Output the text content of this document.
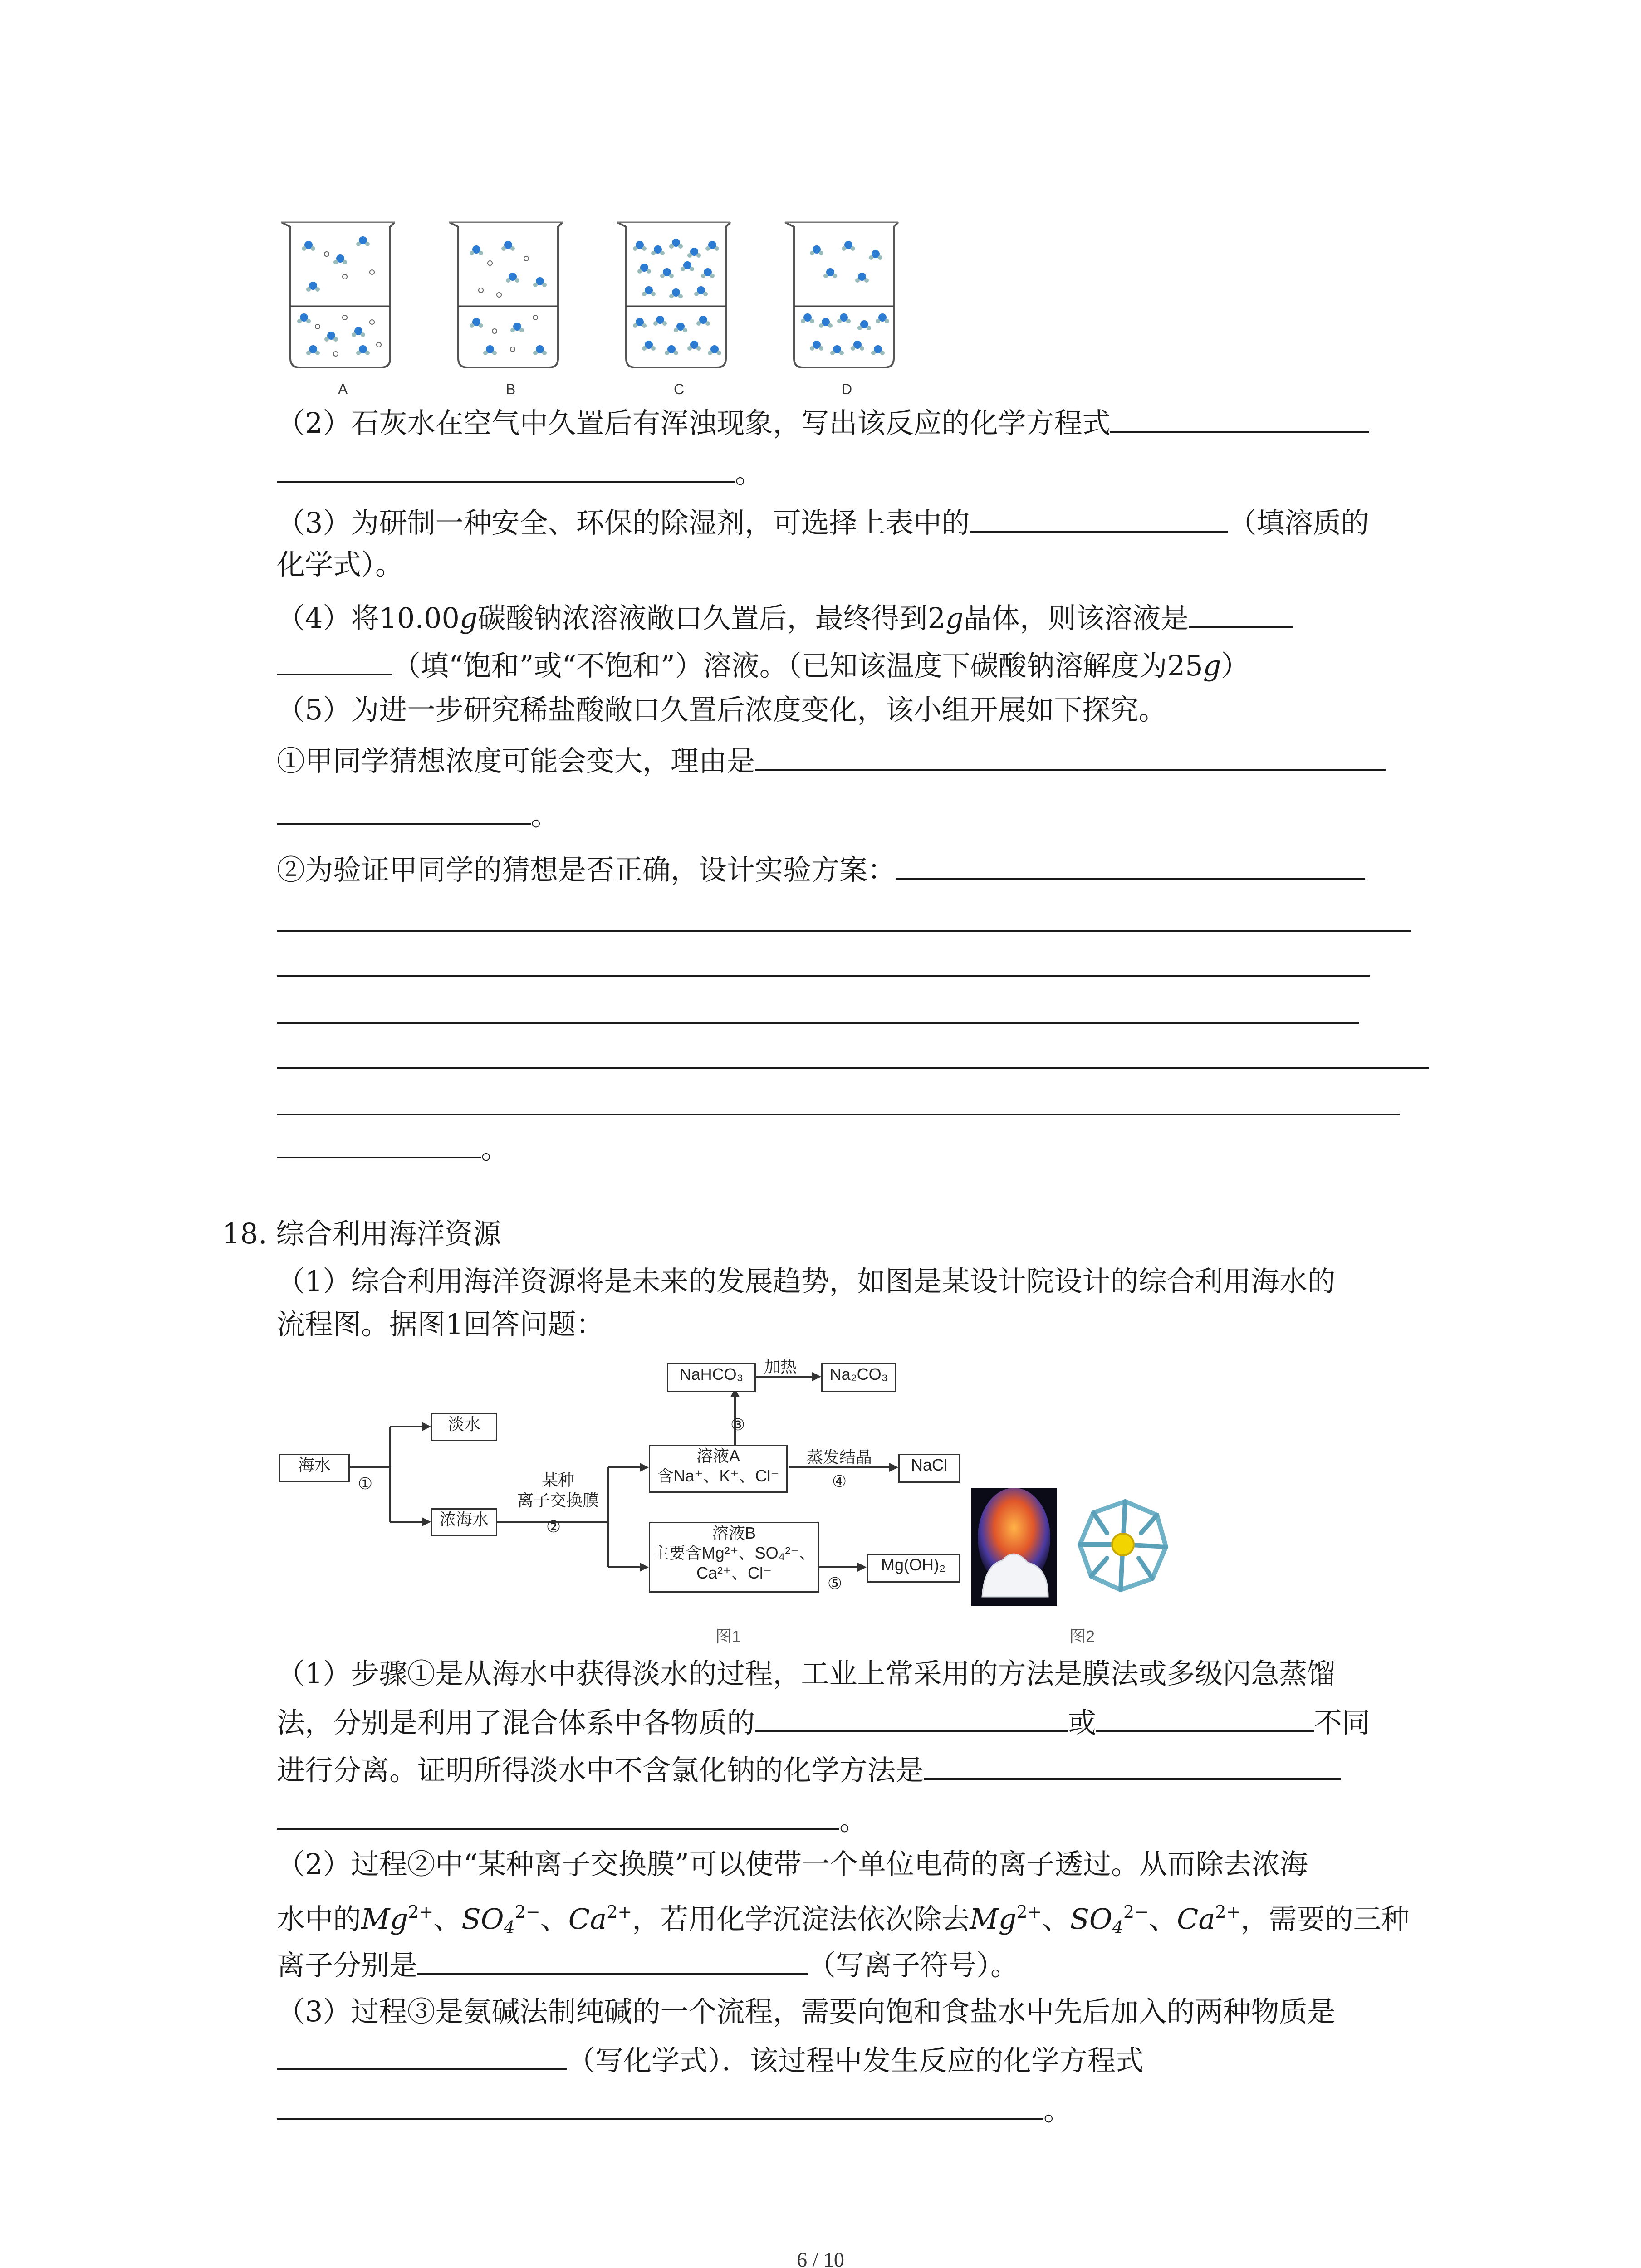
A	B	C	D
（2）石灰水在空气中久置后有浑浊现象，写出该反应的化学方程式
。
（3）为研制一种安全、环保的除湿剂，可选择上表中的	（填溶质的
化学式）。
（4）将10.00g碳酸钠浓溶液敞口久置后，最终得到2g晶体，则该溶液是
（填“饱和”或“不饱和”）溶液。（已知该温度下碳酸钠溶解度为25g）
（5）为进一步研究稀盐酸敞口久置后浓度变化，该小组开展如下探究。
①甲同学猜想浓度可能会变大，理由是
。
②为验证甲同学的猜想是否正确，设计实验方案：
。
18. 综合利用海洋资源
（1）综合利用海洋资源将是未来的发展趋势，如图是某设计院设计的综合利用海水的
流程图。据图1回答问题：
海水
①
淡水
浓海水
某种
离子交换膜
②
溶液A
含Na⁺、K⁺、Cl⁻
③
NaHCO₃	加热	Na₂CO₃
蒸发结晶
④
NaCl
溶液B
主要含Mg²⁺、SO₄²⁻、
Ca²⁺、Cl⁻
⑤
Mg(OH)₂
图1	图2
（1）步骤①是从海水中获得淡水的过程，工业上常采用的方法是膜法或多级闪急蒸馏
法，分别是利用了混合体系中各物质的	或	不同
进行分离。证明所得淡水中不含氯化钠的化学方法是
。
（2）过程②中“某种离子交换膜”可以使带一个单位电荷的离子透过。从而除去浓海
水中的$Mg^{2+}$、$SO_4^{2-}$、$Ca^{2+}$，若用化学沉淀法依次除去$Mg^{2+}$、$SO_4^{2-}$、$Ca^{2+}$，需要的三种
离子分别是	（写离子符号）。
（3）过程③是氨碱法制纯碱的一个流程，需要向饱和食盐水中先后加入的两种物质是
（写化学式）．该过程中发生反应的化学方程式
。
6 / 10
